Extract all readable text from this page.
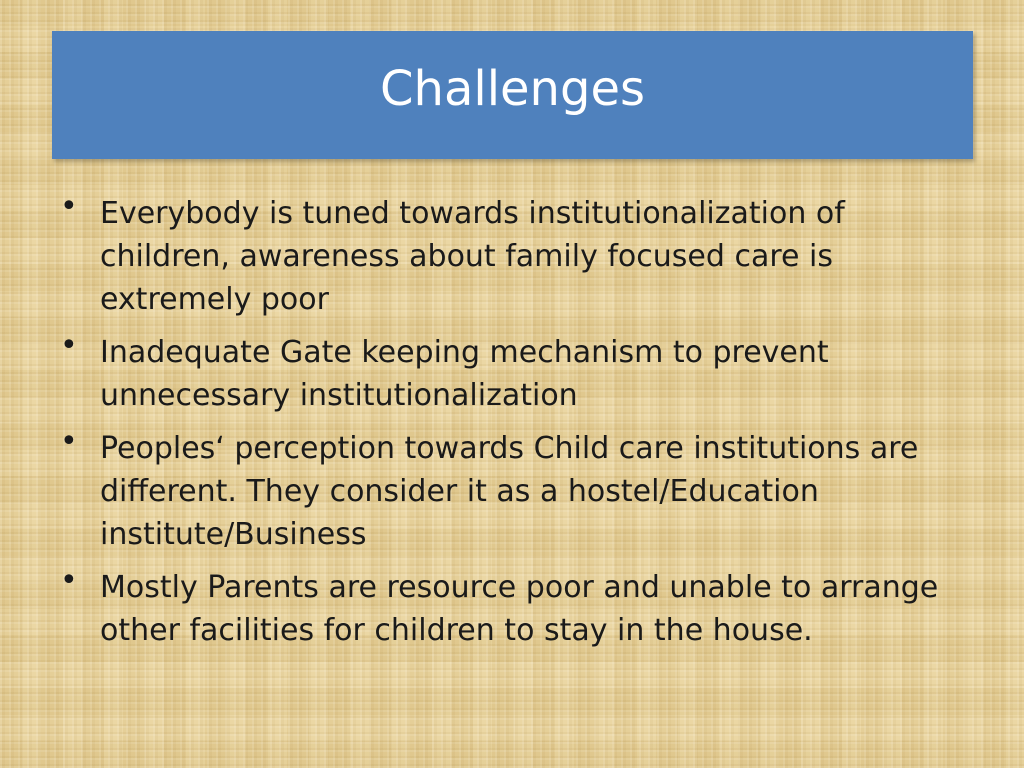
Challenges
• Everybody is tuned towards institutionalization of children, awareness about family focused care is extremely poor
• Inadequate Gate keeping mechanism to prevent unnecessary institutionalization
• Peoples‘ perception towards Child care institutions are different. They consider it as a hostel/Education institute/Business
• Mostly Parents are resource poor and unable to arrange other facilities for children to stay in the house.
